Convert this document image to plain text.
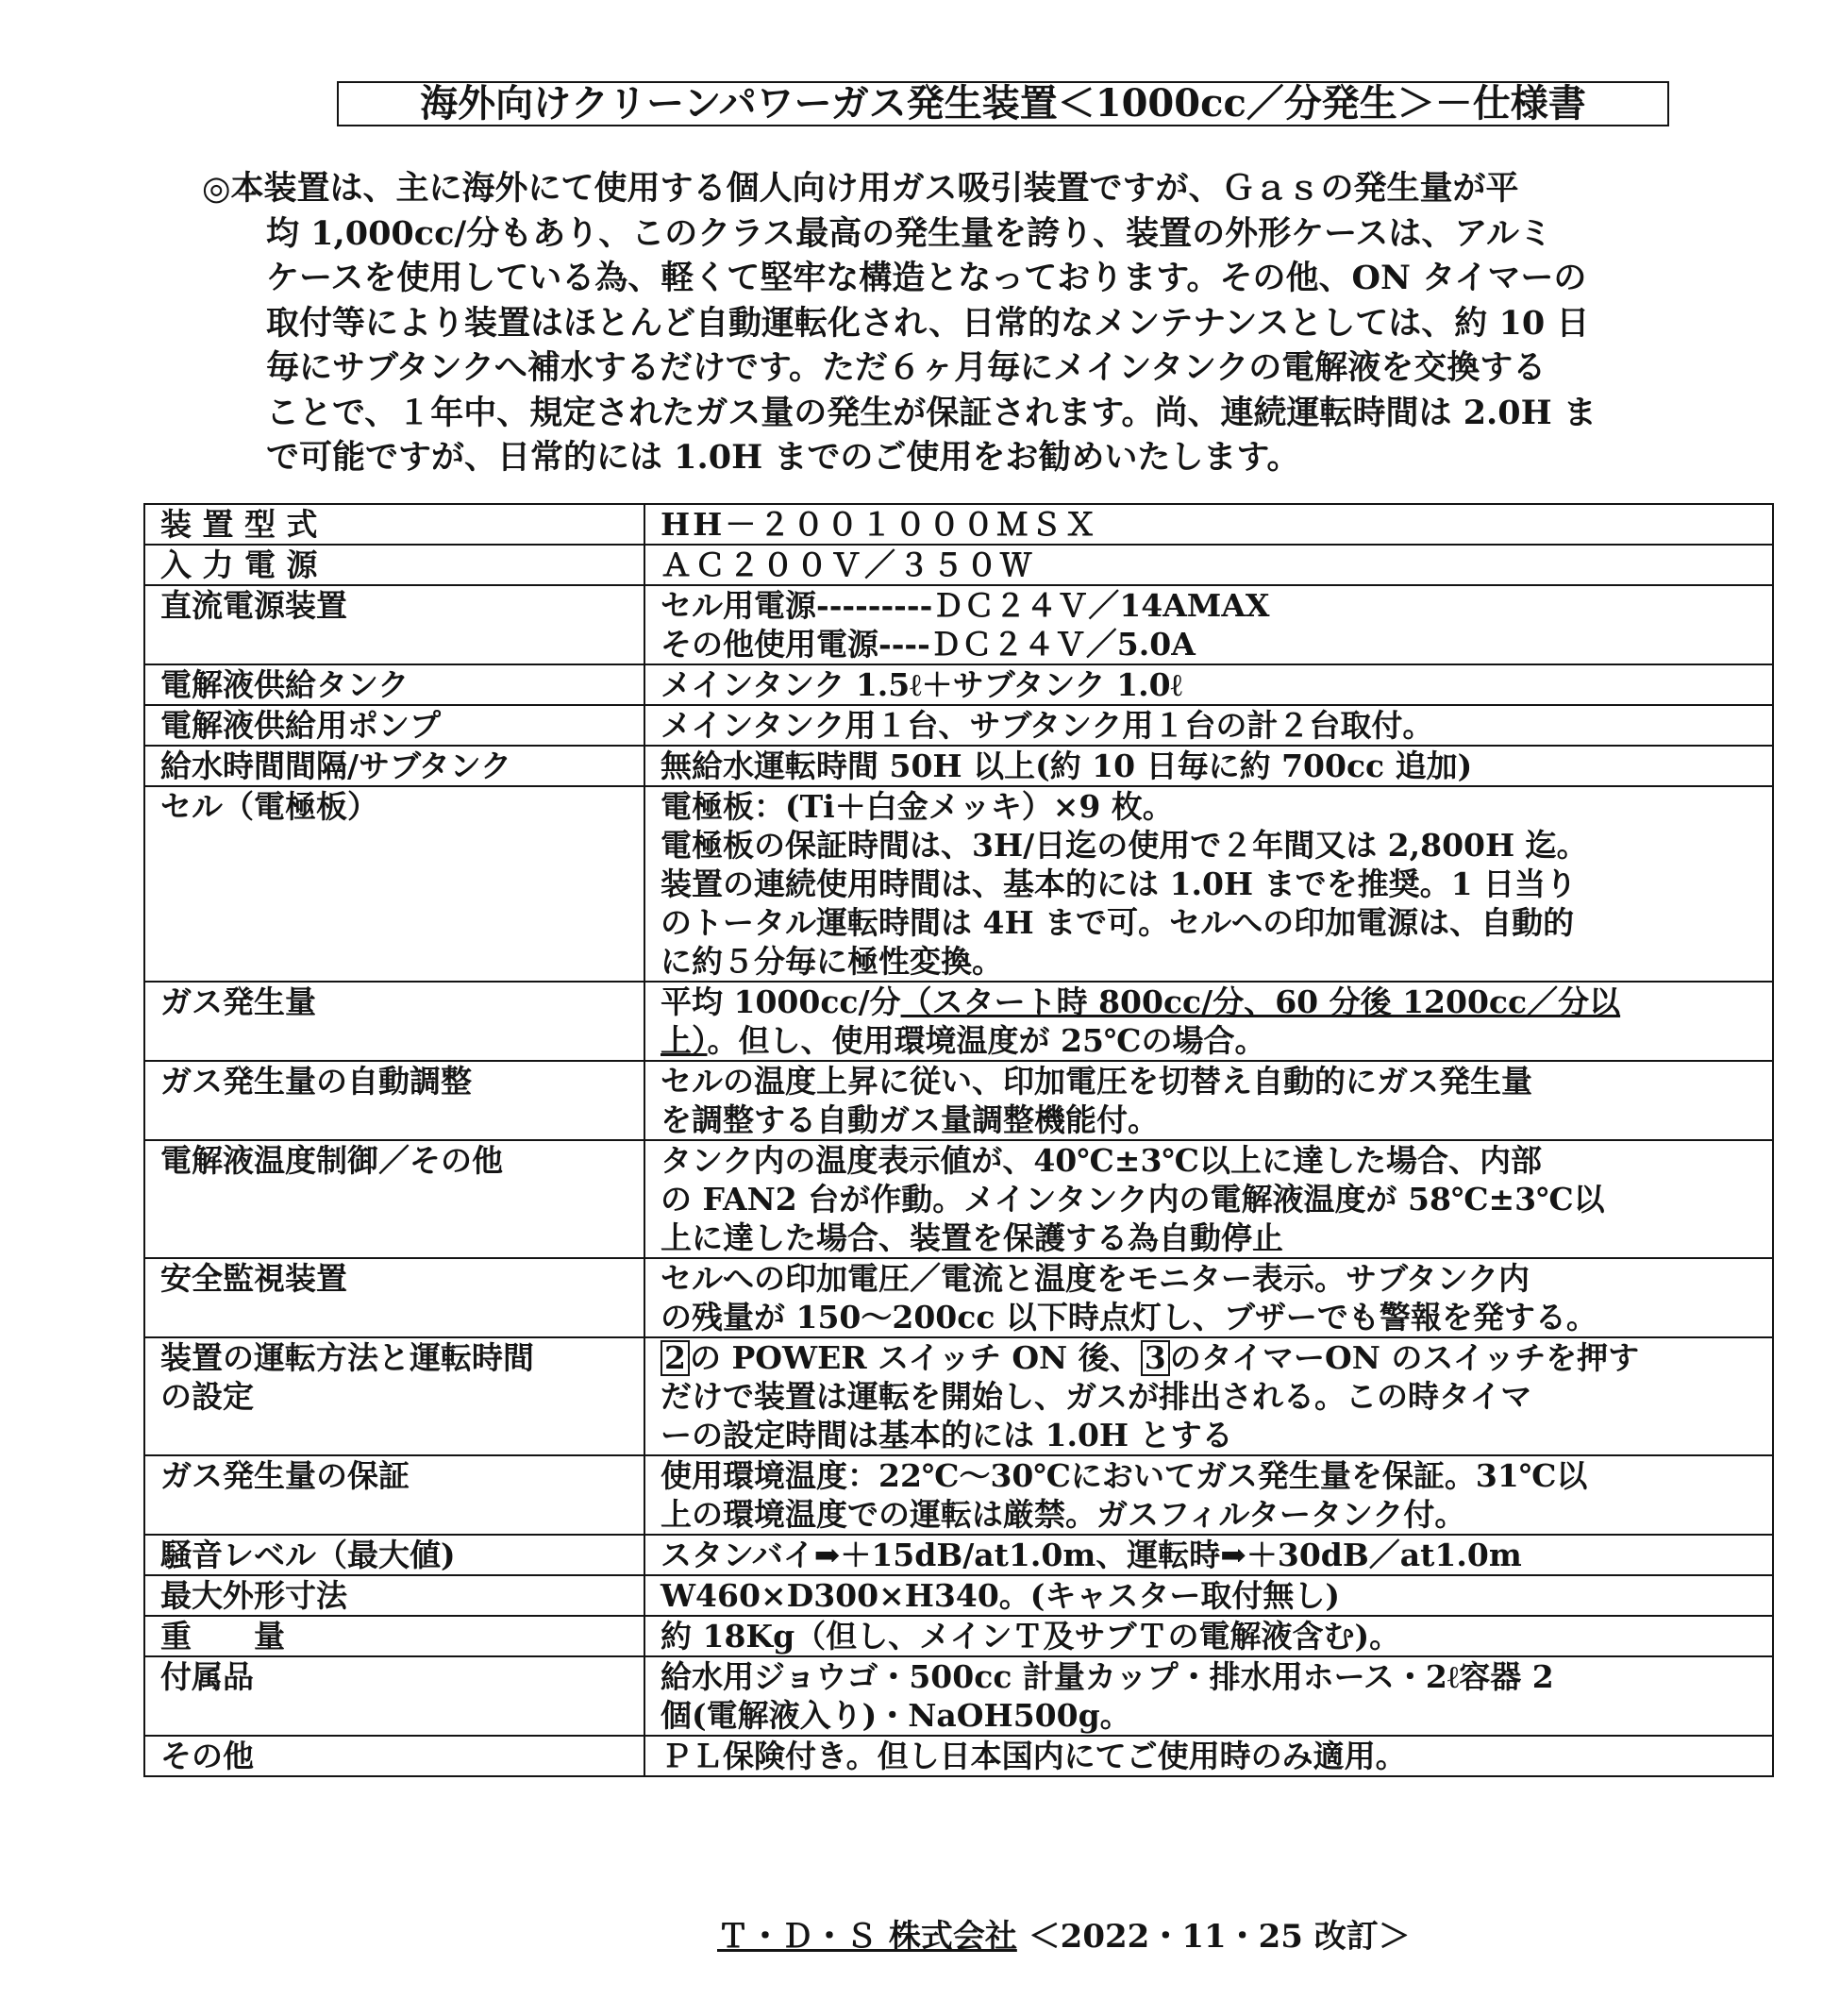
海外向けクリーンパワーガス発生装置＜1000cc／分発生＞－仕様書
◎本装置は、主に海外にて使用する個人向け用ガス吸引装置ですが、Ｇａｓの発生量が平
均 1,000cc/分もあり、このクラス最高の発生量を誇り、装置の外形ケースは、アルミ
ケースを使用している為、軽くて堅牢な構造となっております。その他、ON タイマーの
取付等により装置はほとんど自動運転化され、日常的なメンテナンスとしては、約 10 日
毎にサブタンクへ補水するだけです。ただ６ヶ月毎にメインタンクの電解液を交換する
ことで、１年中、規定されたガス量の発生が保証されます。尚、連続運転時間は 2.0H ま
で可能ですが、日常的には 1.0H までのご使用をお勧めいたします。
装 置 型 式	HH－２００１０００ＭＳＸ
入 力 電 源	ＡＣ２００Ｖ／３５０Ｗ
直流電源装置	セル用電源---------ＤＣ２４Ｖ／14AMAX
その他使用電源----ＤＣ２４Ｖ／5.0A

電解液供給タンク	メインタンク 1.5ℓ＋サブタンク 1.0ℓ
電解液供給用ポンプ	メインタンク用１台、サブタンク用１台の計２台取付。
給水時間間隔/サブタンク	無給水運転時間 50H 以上(約 10 日毎に約 700cc 追加)
セル（電極板）	電極板：(Ti＋白金メッキ）×9 枚。
電極板の保証時間は、3H/日迄の使用で２年間又は 2,800H 迄。
装置の連続使用時間は、基本的には 1.0H までを推奨。1 日当り
のトータル運転時間は 4H まで可。セルへの印加電源は、自動的
に約５分毎に極性変換。

ガス発生量	平均 1000cc/分（スタート時 800cc/分、60 分後 1200cc／分以
上）。但し、使用環境温度が 25℃の場合。

ガス発生量の自動調整	セルの温度上昇に従い、印加電圧を切替え自動的にガス発生量
を調整する自動ガス量調整機能付。

電解液温度制御／その他	タンク内の温度表示値が、40℃±3℃以上に達した場合、内部
の FAN2 台が作動。メインタンク内の電解液温度が 58℃±3℃以
上に達した場合、装置を保護する為自動停止

安全監視装置	セルへの印加電圧／電流と温度をモニター表示。サブタンク内
の残量が 150～200cc 以下時点灯し、ブザーでも警報を発する。

装置の運転方法と運転時間
の設定	2 の POWER スイッチ ON 後、 3 のタイマーON のスイッチを押す
だけで装置は運転を開始し、ガスが排出される。この時タイマ
ーの設定時間は基本的には 1.0H とする

ガス発生量の保証	使用環境温度：22℃～30℃においてガス発生量を保証。31℃以
上の環境温度での運転は厳禁。ガスフィルタータンク付。

騒音レベル（最大値)	スタンバイ➡＋15dB/at1.0m、運転時➡＋30dB／at1.0m
最大外形寸法	W460×D300×H340。(キャスター取付無し)
重　　量	約 18Kg（但し、メインＴ及サブＴの電解液含む)。
付属品	給水用ジョウゴ・500cc 計量カップ・排水用ホース・2ℓ容器 2
個(電解液入り)・NaOH500g。

その他	ＰＬ保険付き。但し日本国内にてご使用時のみ適用。
Ｔ・Ｄ・Ｓ 株式会社 ＜2022・11・25 改訂＞
